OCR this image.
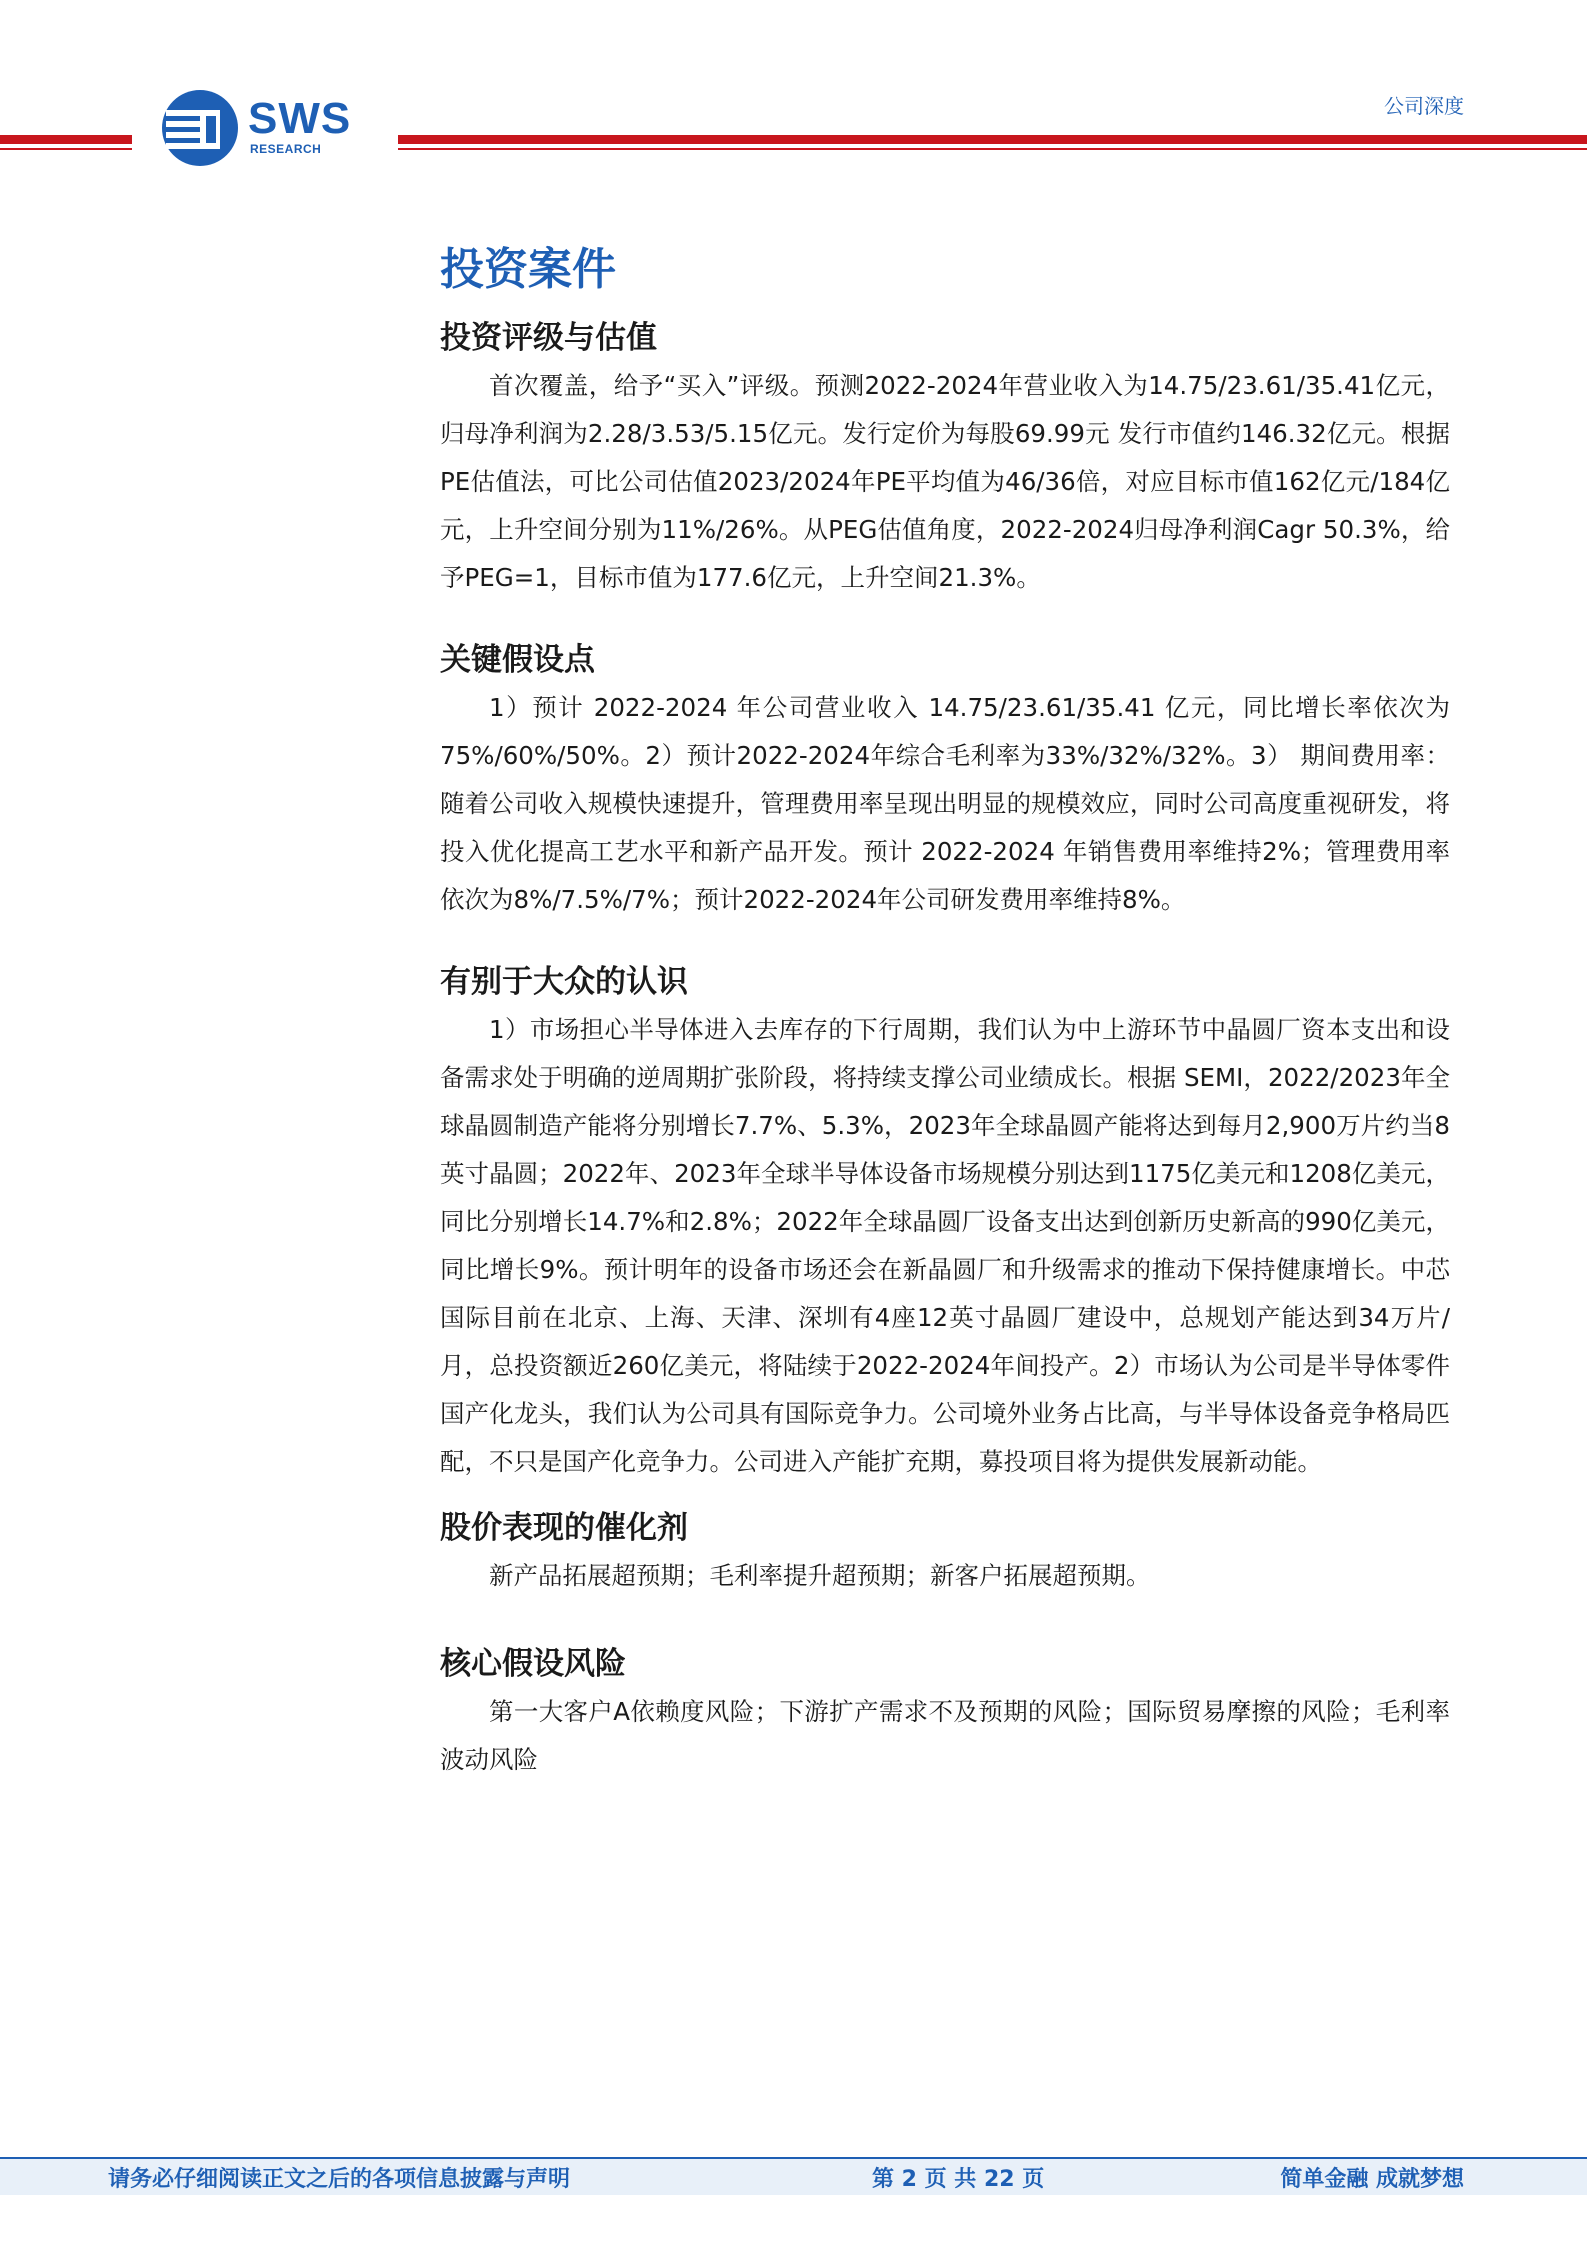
SWS
RESEARCH
公司深度
投资案件
投资评级与估值

首次覆盖，给予“买入”评级。预测2022-2024年营业收入为14.75/23.61/35.41亿元，归母净利润为2.28/3.53/5.15亿元。发行定价为每股69.99元 发行市值约146.32亿元。根据PE估值法，可比公司估值2023/2024年PE平均值为46/36倍，对应目标市值162亿元/184亿元，上升空间分别为11%/26%。从PEG估值角度，2022-2024归母净利润Cagr 50.3%，给予PEG=1，目标市值为177.6亿元，上升空间21.3%。

关键假设点

1）预计 2022-2024 年公司营业收入 14.75/23.61/35.41 亿元，同比增长率依次为75%/60%/50%。2）预计2022-2024年综合毛利率为33%/32%/32%。3） 期间费用率：随着公司收入规模快速提升，管理费用率呈现出明显的规模效应，同时公司高度重视研发，将投入优化提高工艺水平和新产品开发。预计 2022-2024 年销售费用率维持2%；管理费用率依次为8%/7.5%/7%；预计2022-2024年公司研发费用率维持8%。

有别于大众的认识

1）市场担心半导体进入去库存的下行周期，我们认为中上游环节中晶圆厂资本支出和设备需求处于明确的逆周期扩张阶段，将持续支撑公司业绩成长。根据 SEMI，2022/2023年全球晶圆制造产能将分别增长7.7%、5.3%，2023年全球晶圆产能将达到每月2,900万片约当8英寸晶圆；2022年、2023年全球半导体设备市场规模分别达到1175亿美元和1208亿美元，同比分别增长14.7%和2.8%；2022年全球晶圆厂设备支出达到创新历史新高的990亿美元，同比增长9%。预计明年的设备市场还会在新晶圆厂和升级需求的推动下保持健康增长。中芯国际目前在北京、上海、天津、深圳有4座12英寸晶圆厂建设中，总规划产能达到34万片/月，总投资额近260亿美元，将陆续于2022-2024年间投产。2）市场认为公司是半导体零件国产化龙头，我们认为公司具有国际竞争力。公司境外业务占比高，与半导体设备竞争格局匹配，不只是国产化竞争力。公司进入产能扩充期，募投项目将为提供发展新动能。

股价表现的催化剂

新产品拓展超预期；毛利率提升超预期；新客户拓展超预期。

核心假设风险

第一大客户A依赖度风险；下游扩产需求不及预期的风险；国际贸易摩擦的风险；毛利率波动风险

请务必仔细阅读正文之后的各项信息披露与声明	第 2 页 共 22 页	简单金融 成就梦想
